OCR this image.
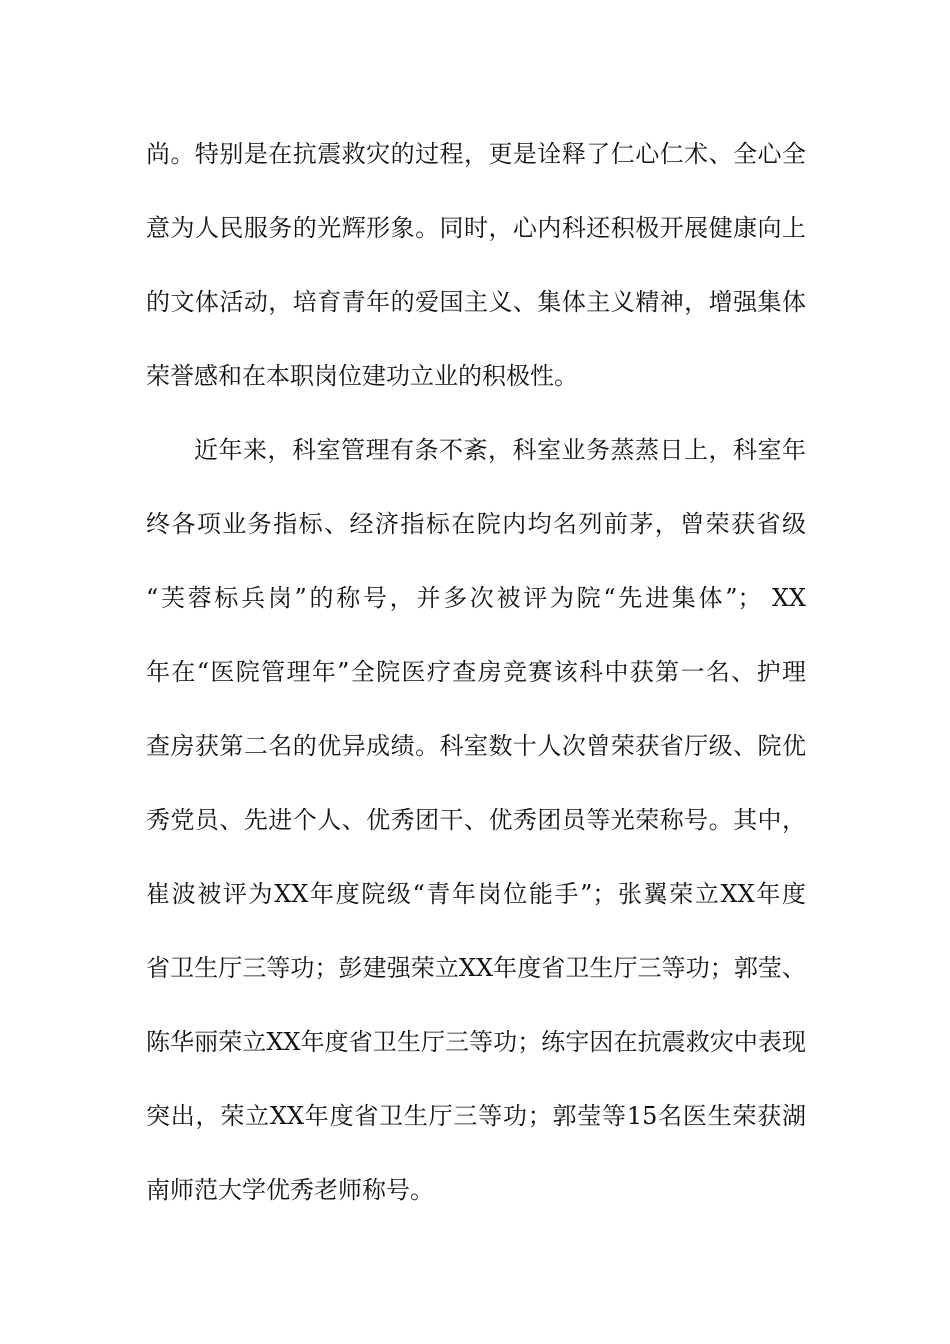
尚。特别是在抗震救灾的过程，更是诠释了仁心仁术、全心全
意为人民服务的光辉形象。同时，心内科还积极开展健康向上
的文体活动，培育青年的爱国主义、集体主义精神，增强集体
荣誉感和在本职岗位建功立业的积极性。
近年来，科室管理有条不紊，科室业务蒸蒸日上，科室年
终各项业务指标、经济指标在院内均名列前茅，曾荣获省级
“芙蓉标兵岗”的称号，并多次被评为院“先进集体”； XX
年在“医院管理年”全院医疗查房竞赛该科中获第一名、护理
查房获第二名的优异成绩。科室数十人次曾荣获省厅级、院优
秀党员、先进个人、优秀团干、优秀团员等光荣称号。其中，
崔波被评为XX年度院级“青年岗位能手”；张翼荣立XX年度
省卫生厅三等功；彭建强荣立XX年度省卫生厅三等功；郭莹、
陈华丽荣立XX年度省卫生厅三等功；练宇因在抗震救灾中表现
突出，荣立XX年度省卫生厅三等功；郭莹等15名医生荣获湖
南师范大学优秀老师称号。
